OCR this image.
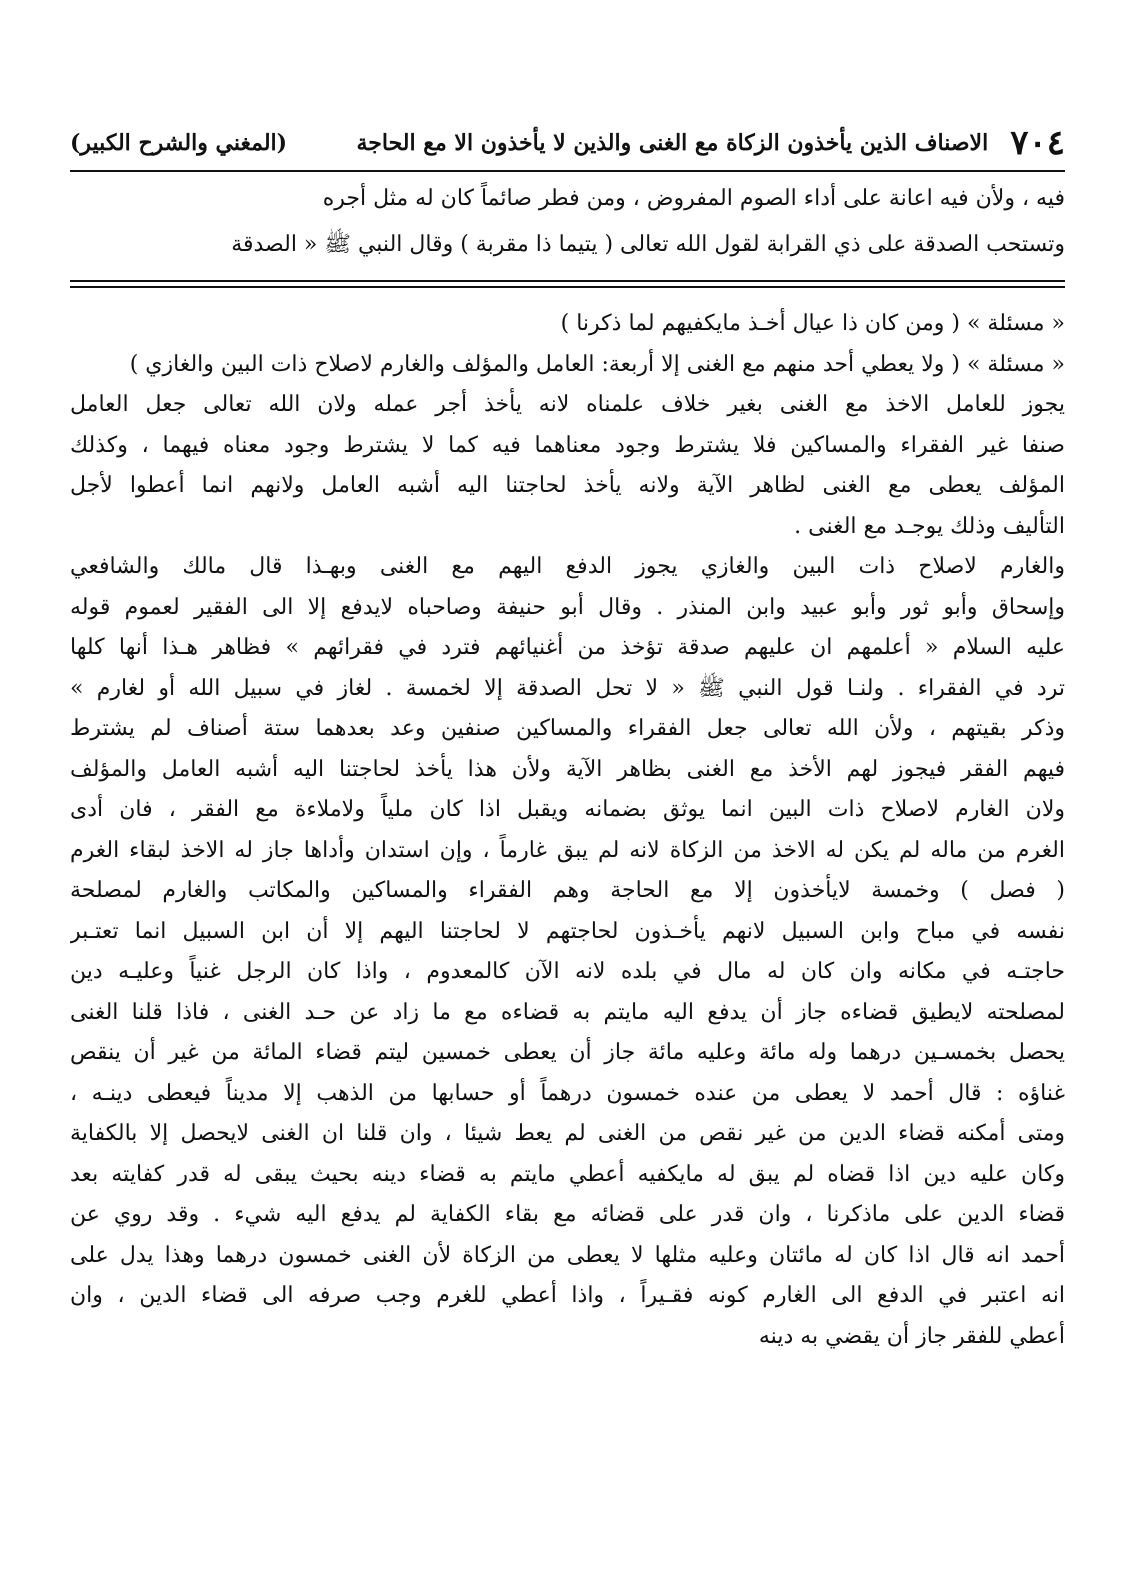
٧٠٤
الاصناف الذين يأخذون الزكاة مع الغنى والذين لا يأخذون الا مع الحاجة
(المغني والشرح الكبير)
فيه ، ولأن فيه اعانة على أداء الصوم المفروض ، ومن فطر صائماً كان له مثل أجره
وتستحب الصدقة على ذي القرابة لقول الله تعالى ( يتيما ذا مقربة ) وقال النبي ﷺ « الصدقة
« مسئلة » ( ومن كان ذا عيال أخـذ مايكفيهم لما ذكرنا )
« مسئلة » ( ولا يعطي أحد منهم مع الغنى إلا أربعة: العامل والمؤلف والغارم لاصلاح ذات البين والغازي )
يجوز للعامل الاخذ مع الغنى بغير خلاف علمناه لانه يأخذ أجر عمله ولان الله تعالى جعل العامل
صنفا غير الفقراء والمساكين فلا يشترط وجود معناهما فيه كما لا يشترط وجود معناه فيهما ، وكذلك
المؤلف يعطى مع الغنى لظاهر الآية ولانه يأخذ لحاجتنا اليه أشبه العامل ولانهم انما أعطوا لأجل
التأليف وذلك يوجـد مع الغنى .
والغارم لاصلاح ذات البين والغازي يجوز الدفع اليهم مع الغنى وبهـذا قال مالك والشافعي
وإسحاق وأبو ثور وأبو عبيد وابن المنذر . وقال أبو حنيفة وصاحباه لايدفع إلا الى الفقير لعموم قوله
عليه السلام « أعلمهم ان عليهم صدقة تؤخذ من أغنيائهم فترد في فقرائهم » فظاهر هـذا أنها كلها
ترد في الفقراء . ولنـا قول النبي ﷺ « لا تحل الصدقة إلا لخمسة . لغاز في سبيل الله أو لغارم »
وذكر بقيتهم ، ولأن الله تعالى جعل الفقراء والمساكين صنفين وعد بعدهما ستة أصناف لم يشترط
فيهم الفقر فيجوز لهم الأخذ مع الغنى بظاهر الآية ولأن هذا يأخذ لحاجتنا اليه أشبه العامل والمؤلف
ولان الغارم لاصلاح ذات البين انما يوثق بضمانه ويقبل اذا كان ملياً ولاملاءة مع الفقر ، فان أدى
الغرم من ماله لم يكن له الاخذ من الزكاة لانه لم يبق غارماً ، وإن استدان وأداها جاز له الاخذ لبقاء الغرم
( فصل ) وخمسة لايأخذون إلا مع الحاجة وهم الفقراء والمساكين والمكاتب والغارم لمصلحة
نفسه في مباح وابن السبيل لانهم يأخـذون لحاجتهم لا لحاجتنا اليهم إلا أن ابن السبيل انما تعتـبر
حاجتـه في مكانه وان كان له مال في بلده لانه الآن كالمعدوم ، واذا كان الرجل غنياً وعليـه دين
لمصلحته لايطيق قضاءه جاز أن يدفع اليه مايتم به قضاءه مع ما زاد عن حـد الغنى ، فاذا قلنا الغنى
يحصل بخمسـين درهما وله مائة وعليه مائة جاز أن يعطى خمسين ليتم قضاء المائة من غير أن ينقص
غناؤه : قال أحمد لا يعطى من عنده خمسون درهماً أو حسابها من الذهب إلا مديناً فيعطى دينـه ،
ومتى أمكنه قضاء الدين من غير نقص من الغنى لم يعط شيئا ، وان قلنا ان الغنى لايحصل إلا بالكفاية
وكان عليه دين اذا قضاه لم يبق له مايكفيه أعطي مايتم به قضاء دينه بحيث يبقى له قدر كفايته بعد
قضاء الدين على ماذكرنا ، وان قدر على قضائه مع بقاء الكفاية لم يدفع اليه شيء . وقد روي عن
أحمد انه قال اذا كان له مائتان وعليه مثلها لا يعطى من الزكاة لأن الغنى خمسون درهما وهذا يدل على
انه اعتبر في الدفع الى الغارم كونه فقـيراً ، واذا أعطي للغرم وجب صرفه الى قضاء الدين ، وان
أعطي للفقر جاز أن يقضي به دينه
